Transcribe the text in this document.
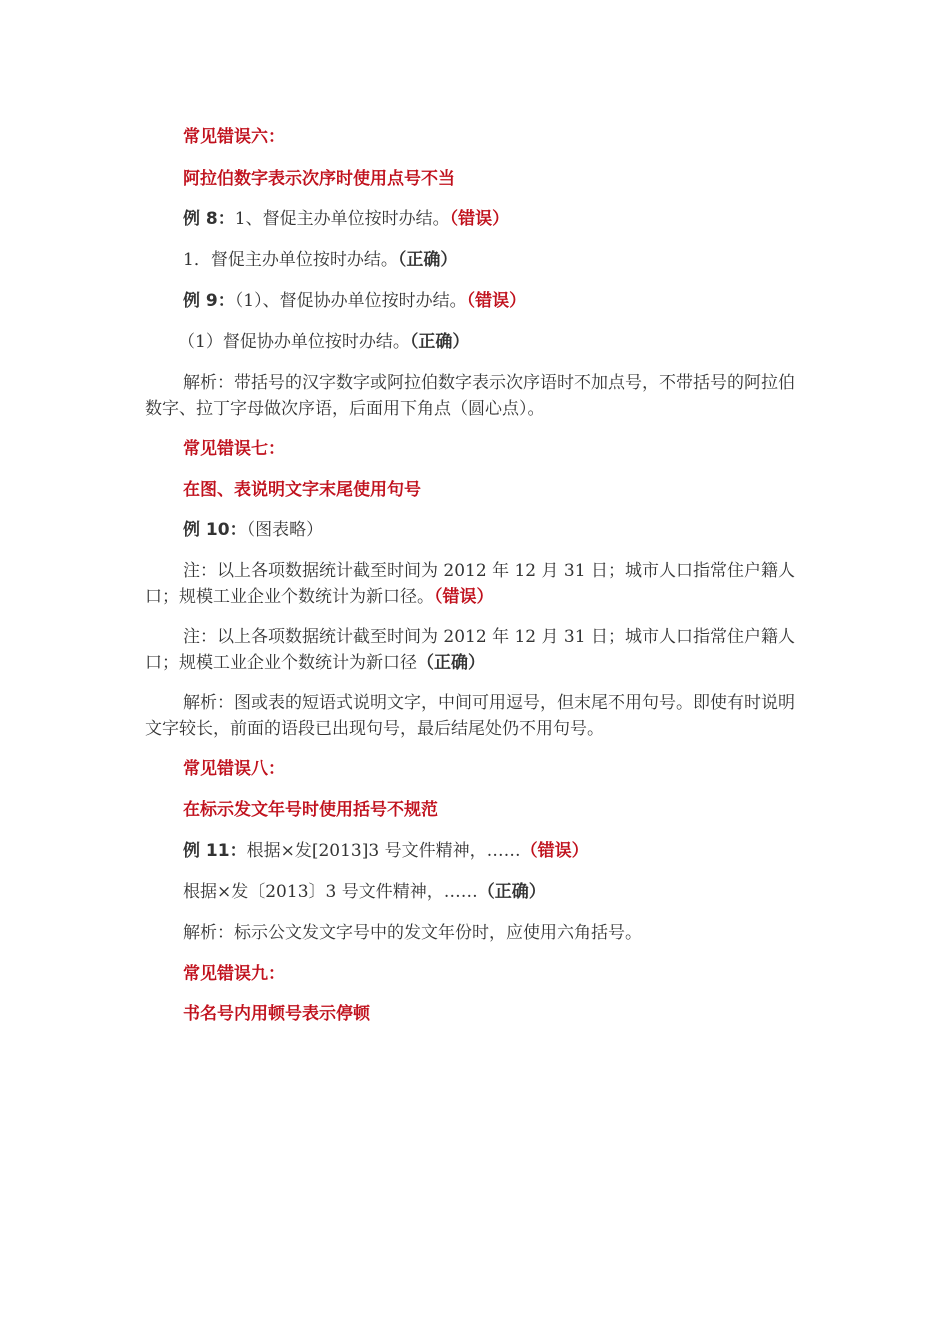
常见错误六：
阿拉伯数字表示次序时使用点号不当
例 8：1、督促主办单位按时办结。（错误）
1．督促主办单位按时办结。（正确）
例 9：（1）、督促协办单位按时办结。（错误）
（1）督促协办单位按时办结。（正确）
解析：带括号的汉字数字或阿拉伯数字表示次序语时不加点号，不带括号的阿拉伯数字、拉丁字母做次序语，后面用下角点（圆心点）。
常见错误七：
在图、表说明文字末尾使用句号
例 10：（图表略）
注：以上各项数据统计截至时间为 2012 年 12 月 31 日；城市人口指常住户籍人口；规模工业企业个数统计为新口径。（错误）
注：以上各项数据统计截至时间为 2012 年 12 月 31 日；城市人口指常住户籍人口；规模工业企业个数统计为新口径（正确）
解析：图或表的短语式说明文字，中间可用逗号，但末尾不用句号。即使有时说明文字较长，前面的语段已出现句号，最后结尾处仍不用句号。
常见错误八：
在标示发文年号时使用括号不规范
例 11：根据×发[2013]3 号文件精神，……（错误）
根据×发〔2013〕3 号文件精神，……（正确）
解析：标示公文发文字号中的发文年份时，应使用六角括号。
常见错误九：
书名号内用顿号表示停顿
